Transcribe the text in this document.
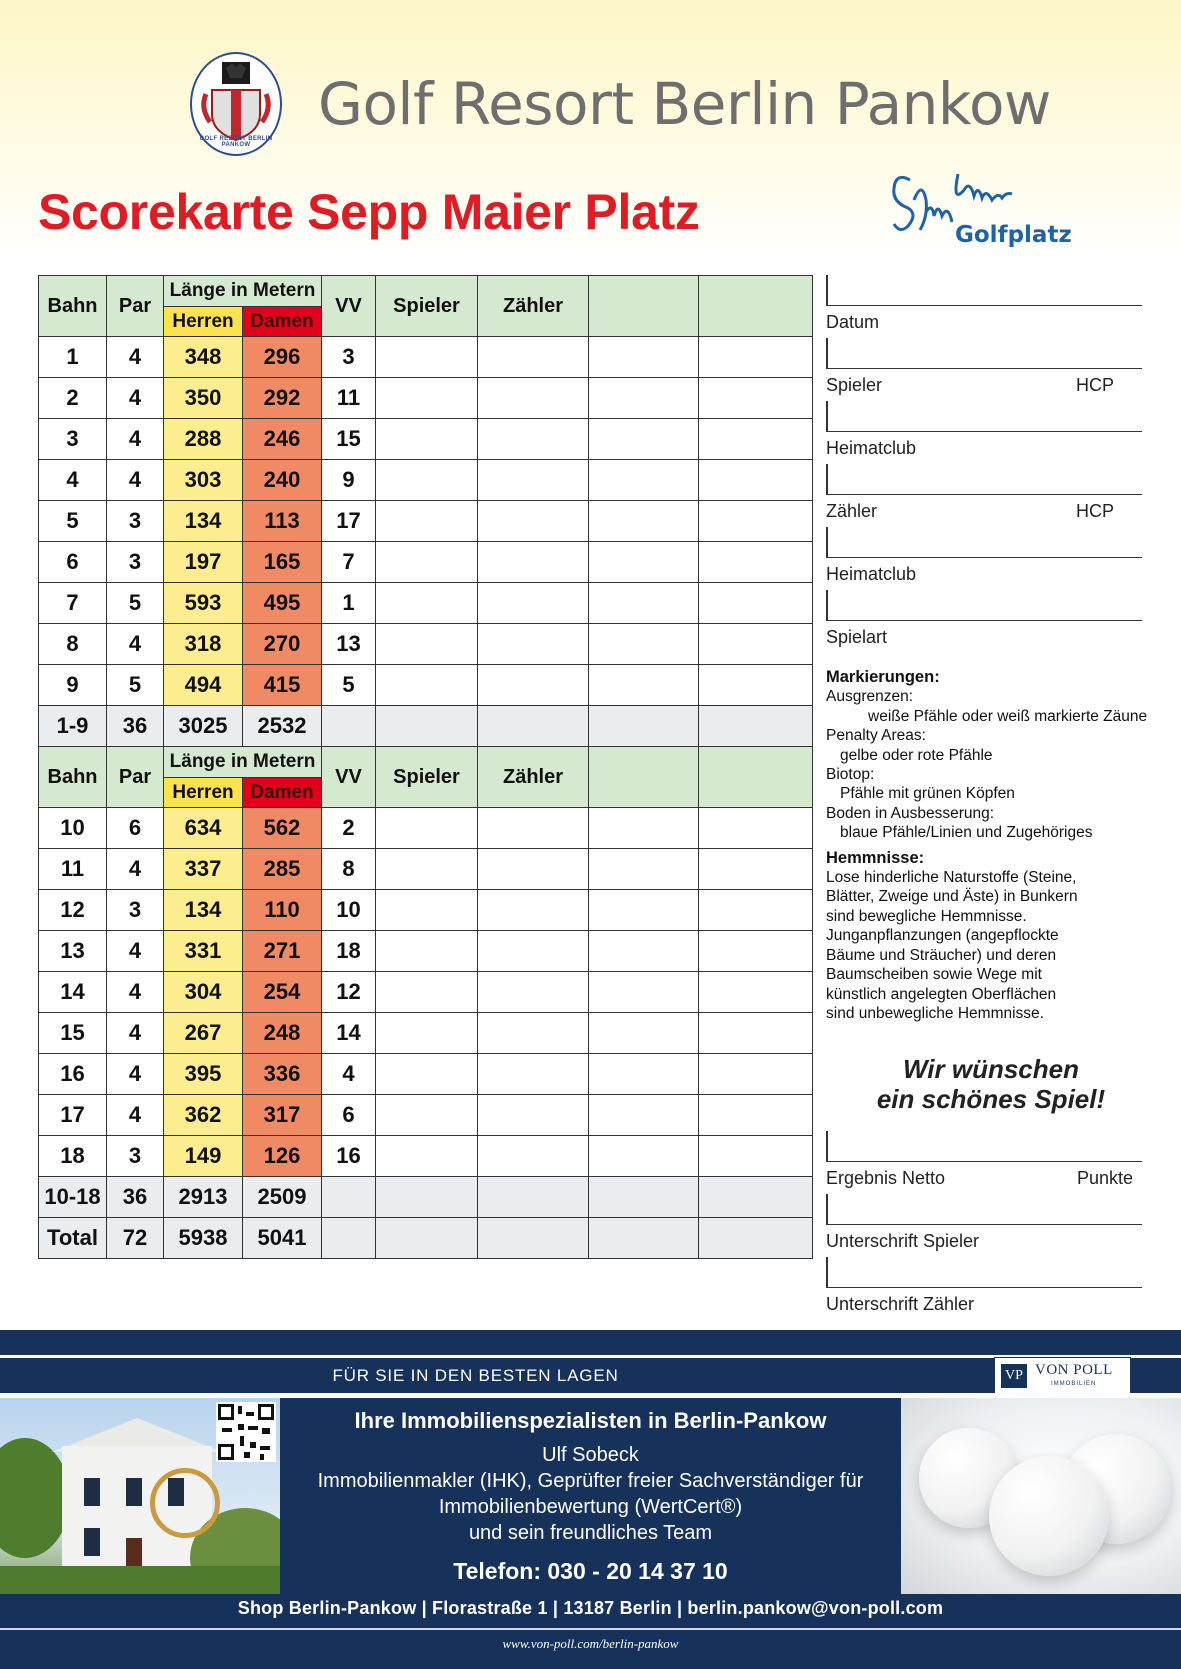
GOLF RESORT BERLIN PANKOW
Golf Resort Berlin Pankow
Scorekarte Sepp Maier Platz	Golfplatz
Bahn	Par	Länge in Metern		VV	Spieler	Zähler		
		Herren	Damen					
1	4	348	296	3				
2	4	350	292	11				
3	4	288	246	15				
4	4	303	240	9				
5	3	134	113	17				
6	3	197	165	7				
7	5	593	495	1				
8	4	318	270	13				
9	5	494	415	5				
1-9	36	3025	2532					
Bahn	Par	Länge in Metern		VV	Spieler	Zähler		
		Herren	Damen					
10	6	634	562	2				
11	4	337	285	8				
12	3	134	110	10				
13	4	331	271	18				
14	4	304	254	12				
15	4	267	248	14				
16	4	395	336	4				
17	4	362	317	6				
18	3	149	126	16				
10-18	36	2913	2509					
Total	72	5938	5041					
Datum
Spieler	HCP
Heimatclub
Zähler	HCP
Heimatclub
Spielart
Markierungen:
Ausgrenzen:
weiße Pfähle oder weiß markierte Zäune
Penalty Areas:
gelbe oder rote Pfähle
Biotop:
Pfähle mit grünen Köpfen
Boden in Ausbesserung:
blaue Pfähle/Linien und Zugehöriges
Hemmnisse:
Lose hinderliche Naturstoffe (Steine,
Blätter, Zweige und Äste) in Bunkern
sind bewegliche Hemmnisse.
Junganpflanzungen (angepflockte
Bäume und Sträucher) und deren
Baumscheiben sowie Wege mit
künstlich angelegten Oberflächen
sind unbewegliche Hemmnisse.
Wir wünschen
ein schönes Spiel!
Ergebnis Netto	Punkte
Unterschrift Spieler
Unterschrift Zähler
FÜR SIE IN DEN BESTEN LAGEN	VP VON POLL
IMMOBILIEN
Ihre Immobilienspezialisten in Berlin-Pankow
Ulf Sobeck
Immobilienmakler (IHK), Geprüfter freier Sachverständiger für
Immobilienbewertung (WertCert®)
und sein freundliches Team
Telefon: 030 - 20 14 37 10
Shop Berlin-Pankow | Florastraße 1 | 13187 Berlin | berlin.pankow@von-poll.com
www.von-poll.com/berlin-pankow
